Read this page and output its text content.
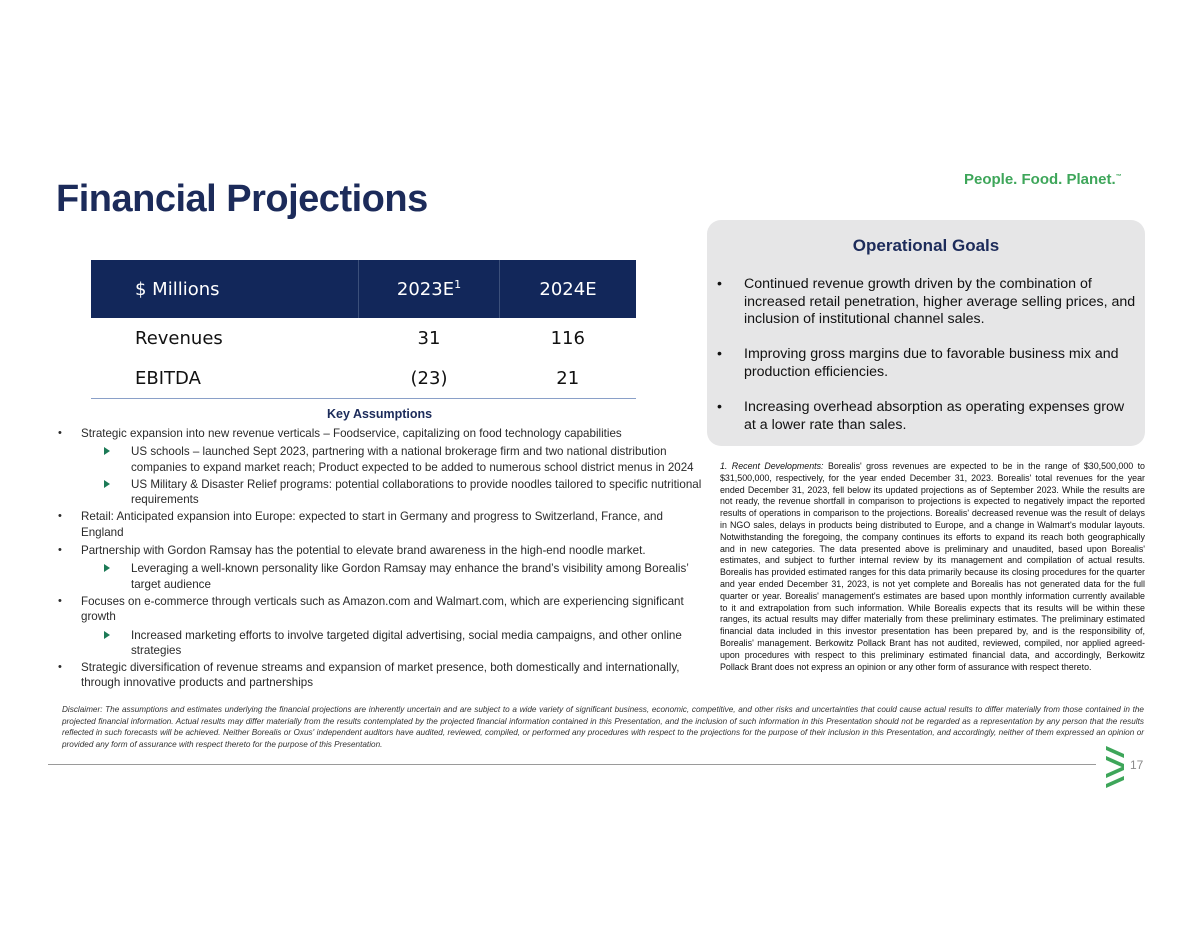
Financial Projections	People. Food. Planet.™
$ Millions	$2023E^1$	2024E
Revenues	31	116
EBITDA	(23)	21
Key Assumptions
• Strategic expansion into new revenue verticals – Foodservice, capitalizing on food technology capabilities
US schools – launched Sept 2023, partnering with a national brokerage firm and two national distribution companies to expand market reach; Product expected to be added to numerous school district menus in 2024
US Military & Disaster Relief programs: potential collaborations to provide noodles tailored to specific nutritional requirements
• Retail: Anticipated expansion into Europe: expected to start in Germany and progress to Switzerland, France, and England
• Partnership with Gordon Ramsay has the potential to elevate brand awareness in the high-end noodle market.
Leveraging a well-known personality like Gordon Ramsay may enhance the brand’s visibility among Borealis’ target audience
• Focuses on e-commerce through verticals such as Amazon.com and Walmart.com, which are experiencing significant growth
Increased marketing efforts to involve targeted digital advertising, social media campaigns, and other online strategies
• Strategic diversification of revenue streams and expansion of market presence, both domestically and internationally, through innovative products and partnerships
Operational Goals
• Continued revenue growth driven by the combination of increased retail penetration, higher average selling prices, and inclusion of institutional channel sales.
• Improving gross margins due to favorable business mix and production efficiencies.
• Increasing overhead absorption as operating expenses grow at a lower rate than sales.
1. Recent Developments: Borealis' gross revenues are expected to be in the range of $30,500,000 to $31,500,000, respectively, for the year ended December 31, 2023. Borealis' total revenues for the year ended December 31, 2023, fell below its updated projections as of September 2023. While the results are not ready, the revenue shortfall in comparison to projections is expected to negatively impact the reported results of operations in comparison to the projections. Borealis' decreased revenue was the result of delays in NGO sales, delays in products being distributed to Europe, and a change in Walmart's modular layouts. Notwithstanding the foregoing, the company continues its efforts to expand its reach both geographically and in new categories. The data presented above is preliminary and unaudited, based upon Borealis' estimates, and subject to further internal review by its management and compilation of actual results. Borealis has provided estimated ranges for this data primarily because its closing procedures for the quarter and year ended December 31, 2023, is not yet complete and Borealis has not generated data for the full quarter or year. Borealis' management's estimates are based upon monthly information currently available to it and extrapolation from such information. While Borealis expects that its results will be within these ranges, its actual results may differ materially from these preliminary estimates. The preliminary estimated financial data included in this investor presentation has been prepared by, and is the responsibility of, Borealis' management. Berkowitz Pollack Brant has not audited, reviewed, compiled, nor applied agreed-upon procedures with respect to this preliminary estimated financial data, and accordingly, Berkowitz Pollack Brant does not express an opinion or any other form of assurance with respect thereto.
Disclaimer: The assumptions and estimates underlying the financial projections are inherently uncertain and are subject to a wide variety of significant business, economic, competitive, and other risks and uncertainties that could cause actual results to differ materially from those contained in the projected financial information. Actual results may differ materially from the results contemplated by the projected financial information contained in this Presentation, and the inclusion of such information in this Presentation should not be regarded as a representation by any person that the results reflected in such forecasts will be achieved. Neither Borealis or Oxus' independent auditors have audited, reviewed, compiled, or performed any procedures with respect to the projections for the purpose of their inclusion in this Presentation, and accordingly, neither of them expressed an opinion or provided any form of assurance with respect thereto for the purpose of this Presentation.
17
